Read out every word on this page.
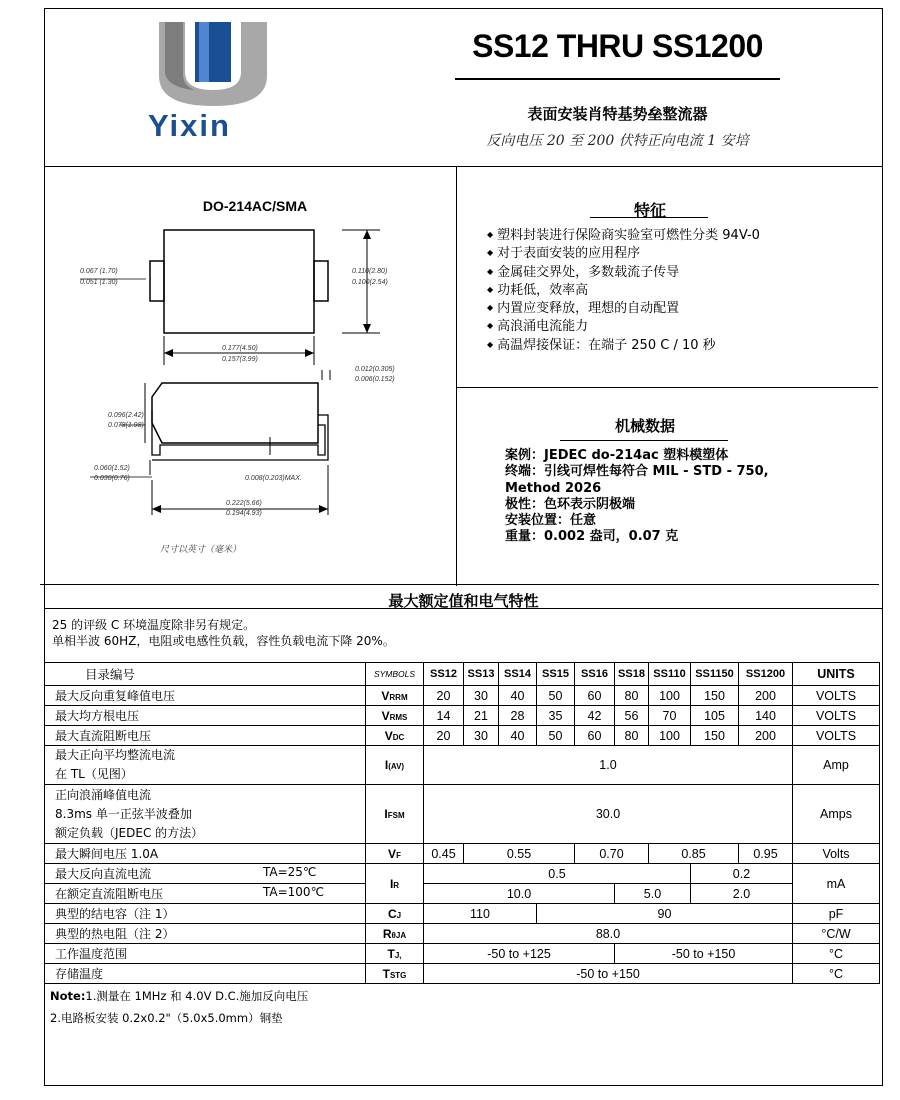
Yixin
SS12 THRU SS1200
表面安装肖特基势垒整流器
反向电压 20 至 200 伏特正向电流 1 安培
DO-214AC/SMA
0.067 (1.70)
0.051 (1.30)
0.110(2.80)
0.100(2.54)
0.177(4.50)
0.157(3.99)
0.012(0.305)
0.006(0.152)
0.096(2.42)
0.078(1.98)
0.060(1.52)
0.030(0.76)	0.008(0.203)MAX.
0.222(5.66)
0.194(4.93)
尺寸以英寸（毫米）
特征
◆ 塑料封装进行保险商实验室可燃性分类 94V-0
◆ 对于表面安装的应用程序
◆ 金属硅交界处，多数载流子传导
◆ 功耗低，效率高
◆ 内置应变释放，理想的自动配置
◆ 高浪涌电流能力
◆ 高温焊接保证：在端子 250 C / 10 秒
机械数据
案例：JEDEC do-214ac 塑料模塑体
终端：引线可焊性每符合 MIL - STD - 750,
Method 2026
极性：色环表示阴极端
安装位置：任意
重量：0.002 盎司，0.07 克
最大额定值和电气特性
25 的评级 C 环境温度除非另有规定。
单相半波 60HZ，电阻或电感性负载，容性负载电流下降 20%。
目录编号	SYMBOLS	SS12	SS13	SS14	SS15	SS16	SS18	SS110	SS1150	SS1200	UNITS
最大反向重复峰值电压	VRRM	20	30	40	50	60	80	100	150	200	VOLTS
最大均方根电压	VRMS	14	21	28	35	42	56	70	105	140	VOLTS
最大直流阻断电压	VDC	20	30	40	50	60	80	100	150	200	VOLTS

最大正向平均整流电流
在 TL（见图）	I(AV)	1.0									Amp

正向浪涌峰值电流
8.3ms 单一正弦半波叠加
额定负载（JEDEC 的方法）	IFSM	30.0									Amps
最大瞬间电压 1.0A	VF	0.45	0.55			0.70		0.85		0.95	Volts
最大反向直流电流 TA=25℃	IR	0.5							0.2		mA
在额定直流阻断电压 TA=100℃		10.0					5.0		2.0		
典型的结电容（注 1）	CJ	110			90						pF
典型的热电阻（注 2）	RθJA	88.0									°C/W
工作温度范围	TJ,	-50 to +125					-50 to +150				°C
存储温度	TSTG	-50 to +150									°C
Note:1.测量在 1MHz 和 4.0V D.C.施加反向电压
2.电路板安装 0.2x0.2"（5.0x5.0mm）铜垫
